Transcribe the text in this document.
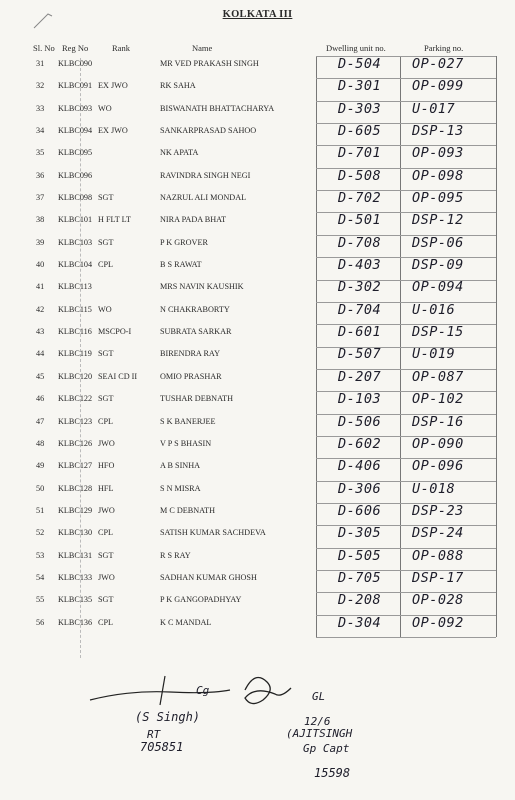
KOLKATA III
Sl. No Reg No	Rank	Name	Dwelling unit no.	Parking no.
31 KLBC090	MR VED PRAKASH SINGH	D-504 OP-027
32 KLBC091 EX JWO	RK SAHA	D-301 OP-099
33 KLBC093 WO	BISWANATH BHATTACHARYA	D-303 U-017
34 KLBC094 EX JWO	SANKARPRASAD SAHOO	D-605 DSP-13
35 KLBC095	NK APATA	D-701 OP-093
36 KLBC096	RAVINDRA SINGH NEGI	D-508 OP-098
37 KLBC098 SGT	NAZRUL ALI MONDAL	D-702 OP-095
38 KLBC101 H FLT LT	NIRA PADA BHAT	D-501 DSP-12
39 KLBC103 SGT	P K GROVER	D-708 DSP-06
40 KLBC104 CPL	B S RAWAT	D-403 DSP-09
41 KLBC113	MRS NAVIN KAUSHIK	D-302 OP-094
42 KLBC115 WO	N CHAKRABORTY	D-704 U-016
43 KLBC116 MSCPO-I	SUBRATA SARKAR	D-601 DSP-15
44 KLBC119 SGT	BIRENDRA RAY	D-507 U-019
45 KLBC120 SEAI CD II	OMIO PRASHAR	D-207 OP-087
46 KLBC122 SGT	TUSHAR DEBNATH	D-103 OP-102
47 KLBC123 CPL	S K BANERJEE	D-506 DSP-16
48 KLBC126 JWO	V P S BHASIN	D-602 OP-090
49 KLBC127 HFO	A B SINHA	D-406 OP-096
50 KLBC128 HFL	S N MISRA	D-306 U-018
51 KLBC129 JWO	M C DEBNATH	D-606 DSP-23
52 KLBC130 CPL	SATISH KUMAR SACHDEVA	D-305 DSP-24
53 KLBC131 SGT	R S RAY	D-505 OP-088
54 KLBC133 JWO	SADHAN KUMAR GHOSH	D-705 DSP-17
55 KLBC135 SGT	P K GANGOPADHYAY	D-208 OP-028
56 KLBC136 CPL	K C MANDAL	D-304 OP-092
Cg
(S Singh)
RT
705851
GL
12/6
(AJITSINGH
Gp Capt
15598
